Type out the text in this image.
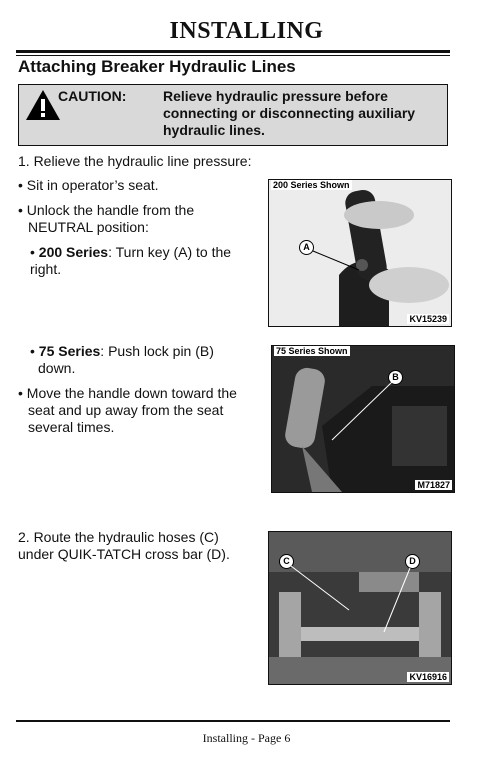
INSTALLING
Attaching Breaker Hydraulic Lines
CAUTION:	Relieve hydraulic pressure before
connecting or disconnecting auxiliary
hydraulic lines.
1. Relieve the hydraulic line pressure:
• Sit in operator’s seat.
• Unlock the handle from the
NEUTRAL position:
• 200 Series: Turn key (A) to the
right.
200 Series Shown
A
KV15239
• 75 Series: Push lock pin (B)
down.
• Move the handle down toward the
seat and up away from the seat
several times.
75 Series Shown
B
M71827
2. Route the hydraulic hoses (C)
under QUIK-TATCH cross bar (D).	C	D
KV16916
Installing - Page 6
